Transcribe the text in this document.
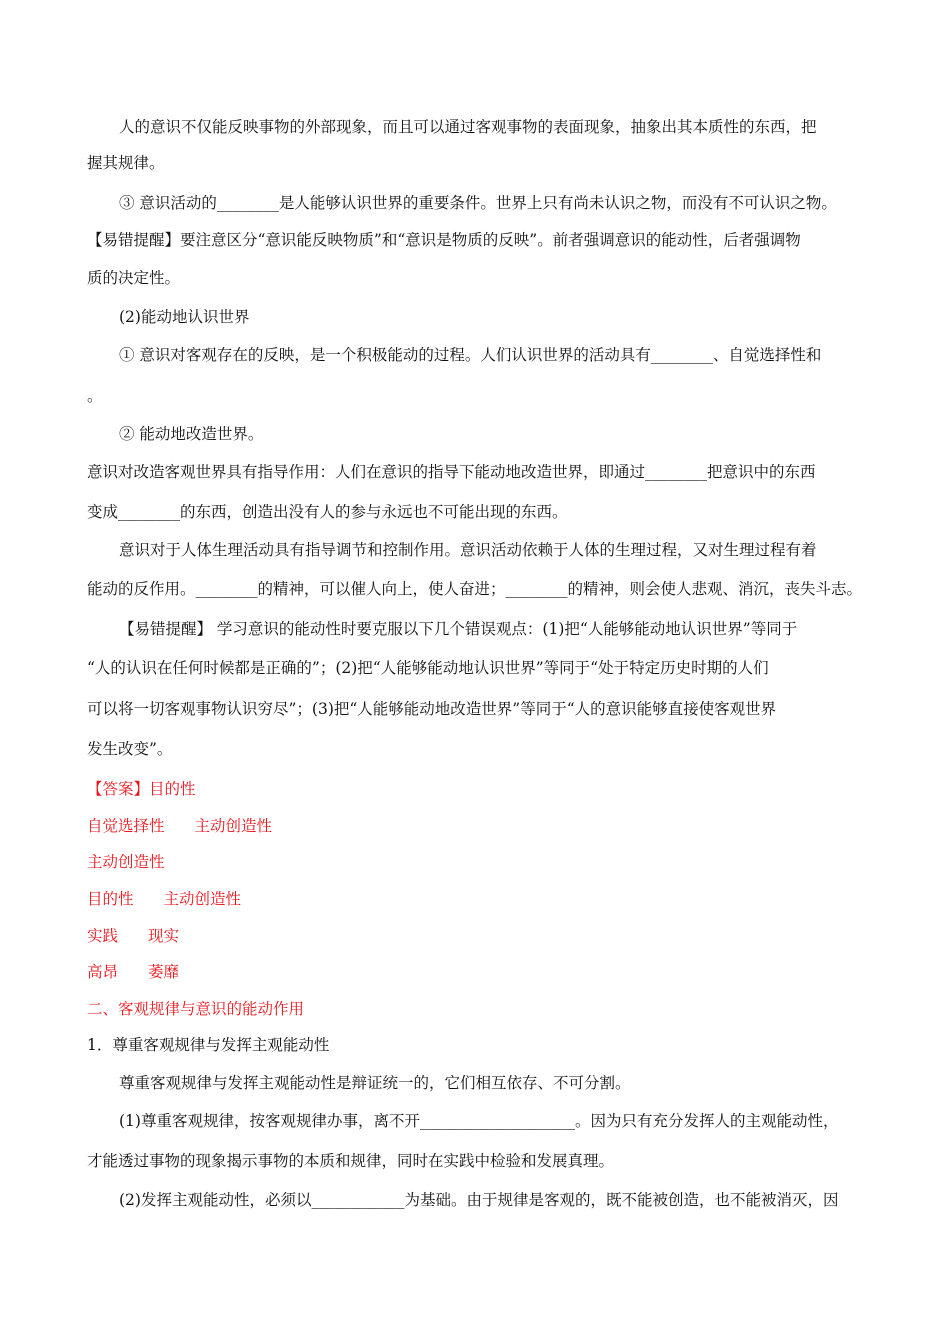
人的意识不仅能反映事物的外部现象，而且可以通过客观事物的表面现象，抽象出其本质性的东西，把
握其规律。
③ 意识活动的________是人能够认识世界的重要条件。世界上只有尚未认识之物，而没有不可认识之物。
【易错提醒】要注意区分“意识能反映物质”和“意识是物质的反映”。前者强调意识的能动性，后者强调物
质的决定性。
(2)能动地认识世界
① 意识对客观存在的反映，是一个积极能动的过程。人们认识世界的活动具有________、自觉选择性和
。
② 能动地改造世界。
意识对改造客观世界具有指导作用：人们在意识的指导下能动地改造世界，即通过________把意识中的东西
变成________的东西，创造出没有人的参与永远也不可能出现的东西。
意识对于人体生理活动具有指导调节和控制作用。意识活动依赖于人体的生理过程，又对生理过程有着
能动的反作用。________的精神，可以催人向上，使人奋进；________的精神，则会使人悲观、消沉，丧失斗志。
【易错提醒】 学习意识的能动性时要克服以下几个错误观点：(1)把“人能够能动地认识世界”等同于
“人的认识在任何时候都是正确的”；(2)把“人能够能动地认识世界”等同于“处于特定历史时期的人们
可以将一切客观事物认识穷尽”；(3)把“人能够能动地改造世界”等同于“人的意识能够直接使客观世界
发生改变”。
【答案】目的性
自觉选择性 主动创造性
主动创造性
目的性 主动创造性
实践 现实
高昂 萎靡
二、客观规律与意识的能动作用
1．尊重客观规律与发挥主观能动性
尊重客观规律与发挥主观能动性是辩证统一的，它们相互依存、不可分割。
(1)尊重客观规律，按客观规律办事，离不开____________________。因为只有充分发挥人的主观能动性，
才能透过事物的现象揭示事物的本质和规律，同时在实践中检验和发展真理。
(2)发挥主观能动性，必须以____________为基础。由于规律是客观的，既不能被创造，也不能被消灭，因
